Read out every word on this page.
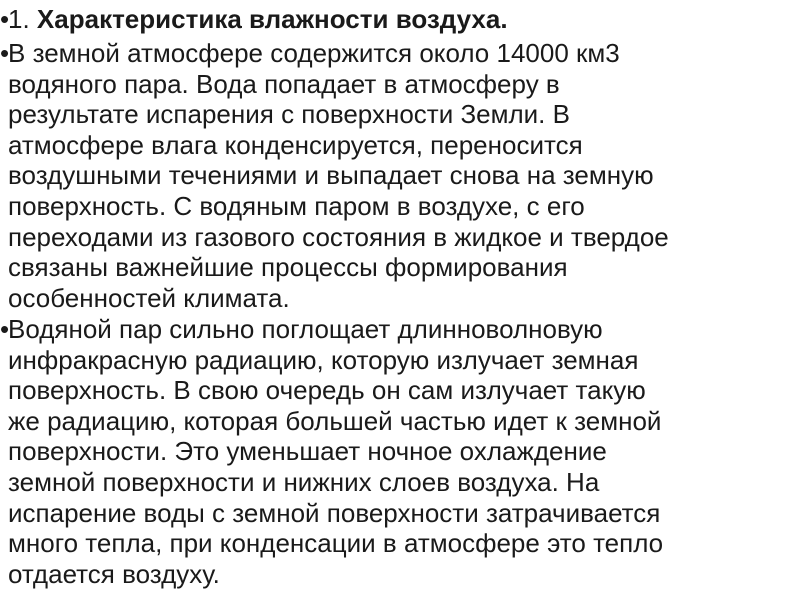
•
1. Характеристика влажности воздуха.
•
В земной атмосфере содержится около 14000 км3
водяного пара. Вода попадает в атмосферу в
результате испарения с поверхности Земли. В
атмосфере влага конденсируется, переносится
воздушными течениями и выпадает снова на земную
поверхность. С водяным паром в воздухе, с его
переходами из газового состояния в жидкое и твердое
связаны важнейшие процессы формирования
особенностей климата.
•
Водяной пар сильно поглощает длинноволновую
инфракрасную радиацию, которую излучает земная
поверхность. В свою очередь он сам излучает такую
же радиацию, которая большей частью идет к земной
поверхности. Это уменьшает ночное охлаждение
земной поверхности и нижних слоев воздуха. На
испарение воды с земной поверхности затрачивается
много тепла, при конденсации в атмосфере это тепло
отдается воздуху.
